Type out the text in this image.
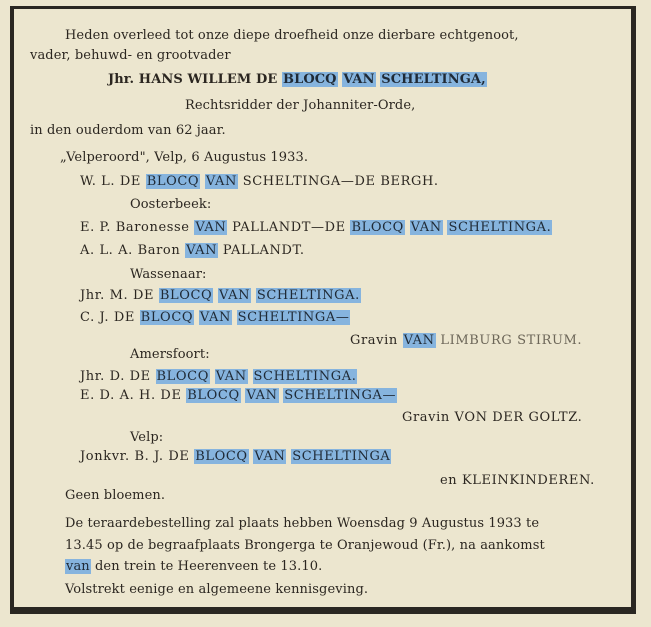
Heden overleed tot onze diepe droefheid onze dierbare echtgenoot,
vader, behuwd- en grootvader
Jhr. HANS WILLEM DE BLOCQ VAN SCHELTINGA,
Rechtsridder der Johanniter-Orde,
in den ouderdom van 62 jaar.
„Velperoord", Velp, 6 Augustus 1933.
W. L. DE BLOCQ VAN SCHELTINGA—DE BERGH.
Oosterbeek:
E. P. Baronesse VAN PALLANDT—DE BLOCQ VAN SCHELTINGA.
A. L. A. Baron VAN PALLANDT.
Wassenaar:
Jhr. M. DE BLOCQ VAN SCHELTINGA.
C. J. DE BLOCQ VAN SCHELTINGA—
Gravin VAN LIMBURG STIRUM.
Amersfoort:
Jhr. D. DE BLOCQ VAN SCHELTINGA.
E. D. A. H. DE BLOCQ VAN SCHELTINGA—
Gravin VON DER GOLTZ.
Velp:
Jonkvr. B. J. DE BLOCQ VAN SCHELTINGA
en KLEINKINDEREN.
Geen bloemen.
De teraardebestelling zal plaats hebben Woensdag 9 Augustus 1933 te
13.45 op de begraafplaats Brongerga te Oranjewoud (Fr.), na aankomst
van den trein te Heerenveen te 13.10.
Volstrekt eenige en algemeene kennisgeving.
